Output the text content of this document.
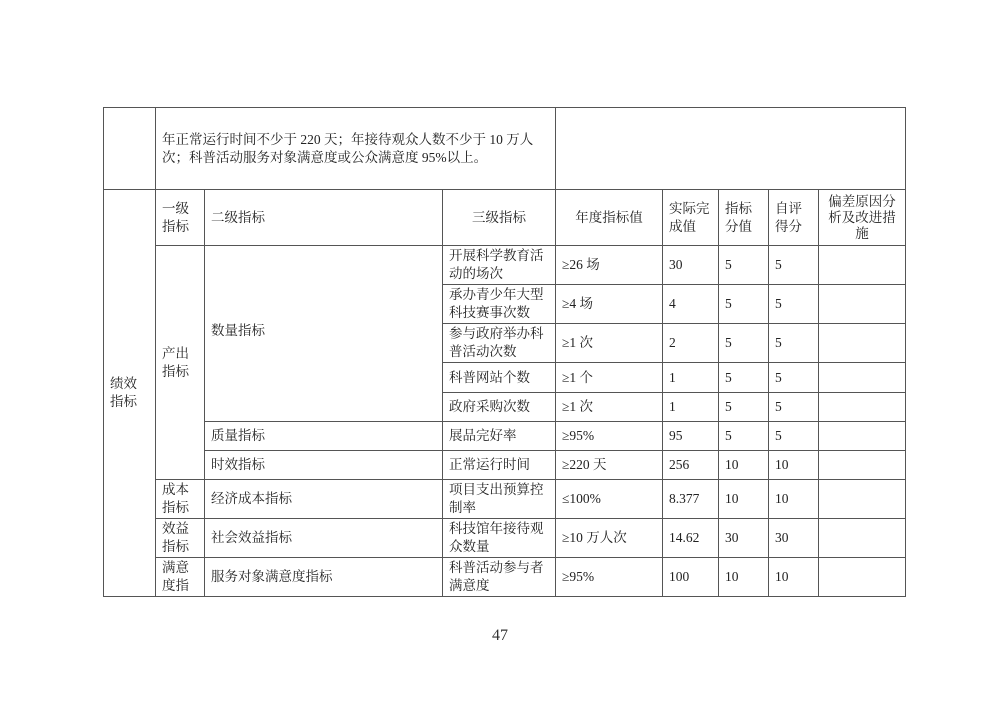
	年正常运行时间不少于 220 天；年接待观众人数不少于 10 万人次；科普活动服务对象满意度或公众满意度 95%以上。							

绩效指标	一级指标	二级指标	三级指标	年度指标值	实际完成值	指标分值	自评得分	偏差原因分析及改进措施

	产出指标	数量指标	开展科学教育活动的场次	≥26 场	30	5	5	
			承办青少年大型科技赛事次数	≥4 场	4	5	5	
			参与政府举办科普活动次数	≥1 次	2	5	5	
			科普网站个数	≥1 个	1	5	5	
			政府采购次数	≥1 次	1	5	5	
		质量指标	展品完好率	≥95%	95	5	5	
		时效指标	正常运行时间	≥220 天	256	10	10	

	成本指标	经济成本指标	项目支出预算控制率	≤100%	8.377	10	10	

	效益指标	社会效益指标	科技馆年接待观众数量	≥10 万人次	14.62	30	30	

	满意度指	服务对象满意度指标	科普活动参与者满意度	≥95%	100	10	10	
47
